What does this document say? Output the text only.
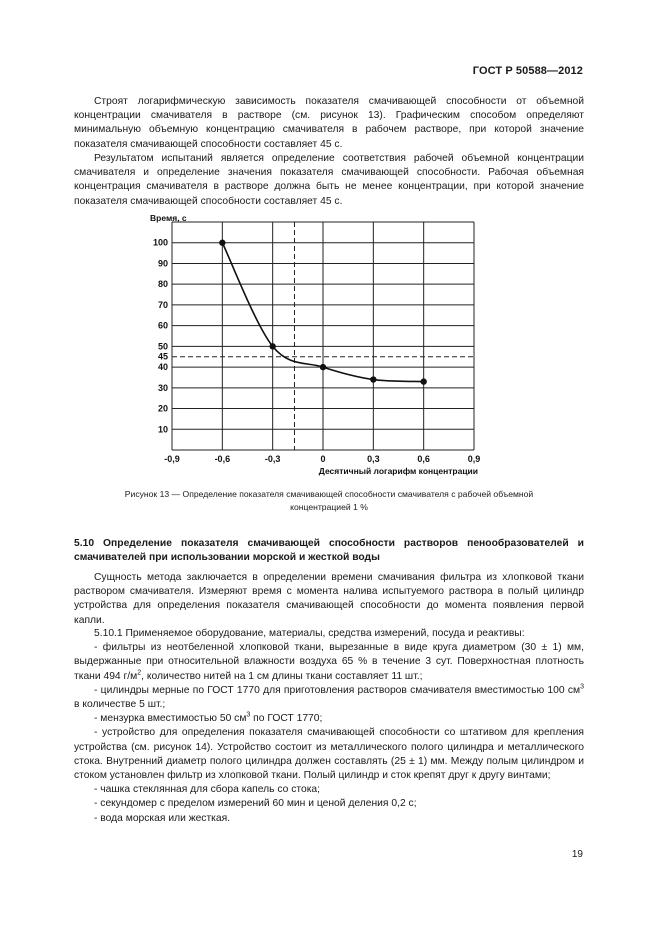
ГОСТ Р 50588—2012

Строят логарифмическую зависимость показателя смачивающей способности от объемной концентрации смачивателя в растворе (см. рисунок 13). Графическим способом определяют минимальную объемную концентрацию смачивателя в рабочем растворе, при которой значение показателя смачивающей способности составляет 45 с.

Результатом испытаний является определение соответствия рабочей объемной концентрации смачивателя и определение значения показателя смачивающей способности. Рабочая объемная концентрация смачивателя в растворе должна быть не менее концентрации, при которой значение показателя смачивающей способности составляет 45 с.

10
20
30
40
45
50
60
70
80
90
100
-0,9	-0,6	-0,3	0	0,3	0,6	0,9
Время, с
Десятичный логарифм концентрации
Рисунок 13 — Определение показателя смачивающей способности смачивателя с рабочей объемной
концентрацией 1 %
5.10 Определение показателя смачивающей способности растворов пенообразователей и смачивателей при использовании морской и жесткой воды

Сущность метода заключается в определении времени смачивания фильтра из хлопковой ткани раствором смачивателя. Измеряют время с момента налива испытуемого раствора в полый цилиндр устройства для определения показателя смачивающей способности до момента появления первой капли.

5.10.1 Применяемое оборудование, материалы, средства измерений, посуда и реактивы:

- фильтры из неотбеленной хлопковой ткани, вырезанные в виде круга диаметром (30 ± 1) мм, выдержанные при относительной влажности воздуха 65 % в течение 3 сут. Поверхностная плотность ткани 494 $г/м^2$, количество нитей на 1 см длины ткани составляет 11 шт.;

- цилиндры мерные по ГОСТ 1770 для приготовления растворов смачивателя вместимостью 100 $см^3$ в количестве 5 шт.;

- мензурка вместимостью 50 $см^3$ по ГОСТ 1770;

- устройство для определения показателя смачивающей способности со штативом для крепления устройства (см. рисунок 14). Устройство состоит из металлического полого цилиндра и металлического стока. Внутренний диаметр полого цилиндра должен составлять (25 ± 1) мм. Между полым цилиндром и стоком установлен фильтр из хлопковой ткани. Полый цилиндр и сток крепят друг к другу винтами;

- чашка стеклянная для сбора капель со стока;

- секундомер с пределом измерений 60 мин и ценой деления 0,2 с;

- вода морская или жесткая.

19
